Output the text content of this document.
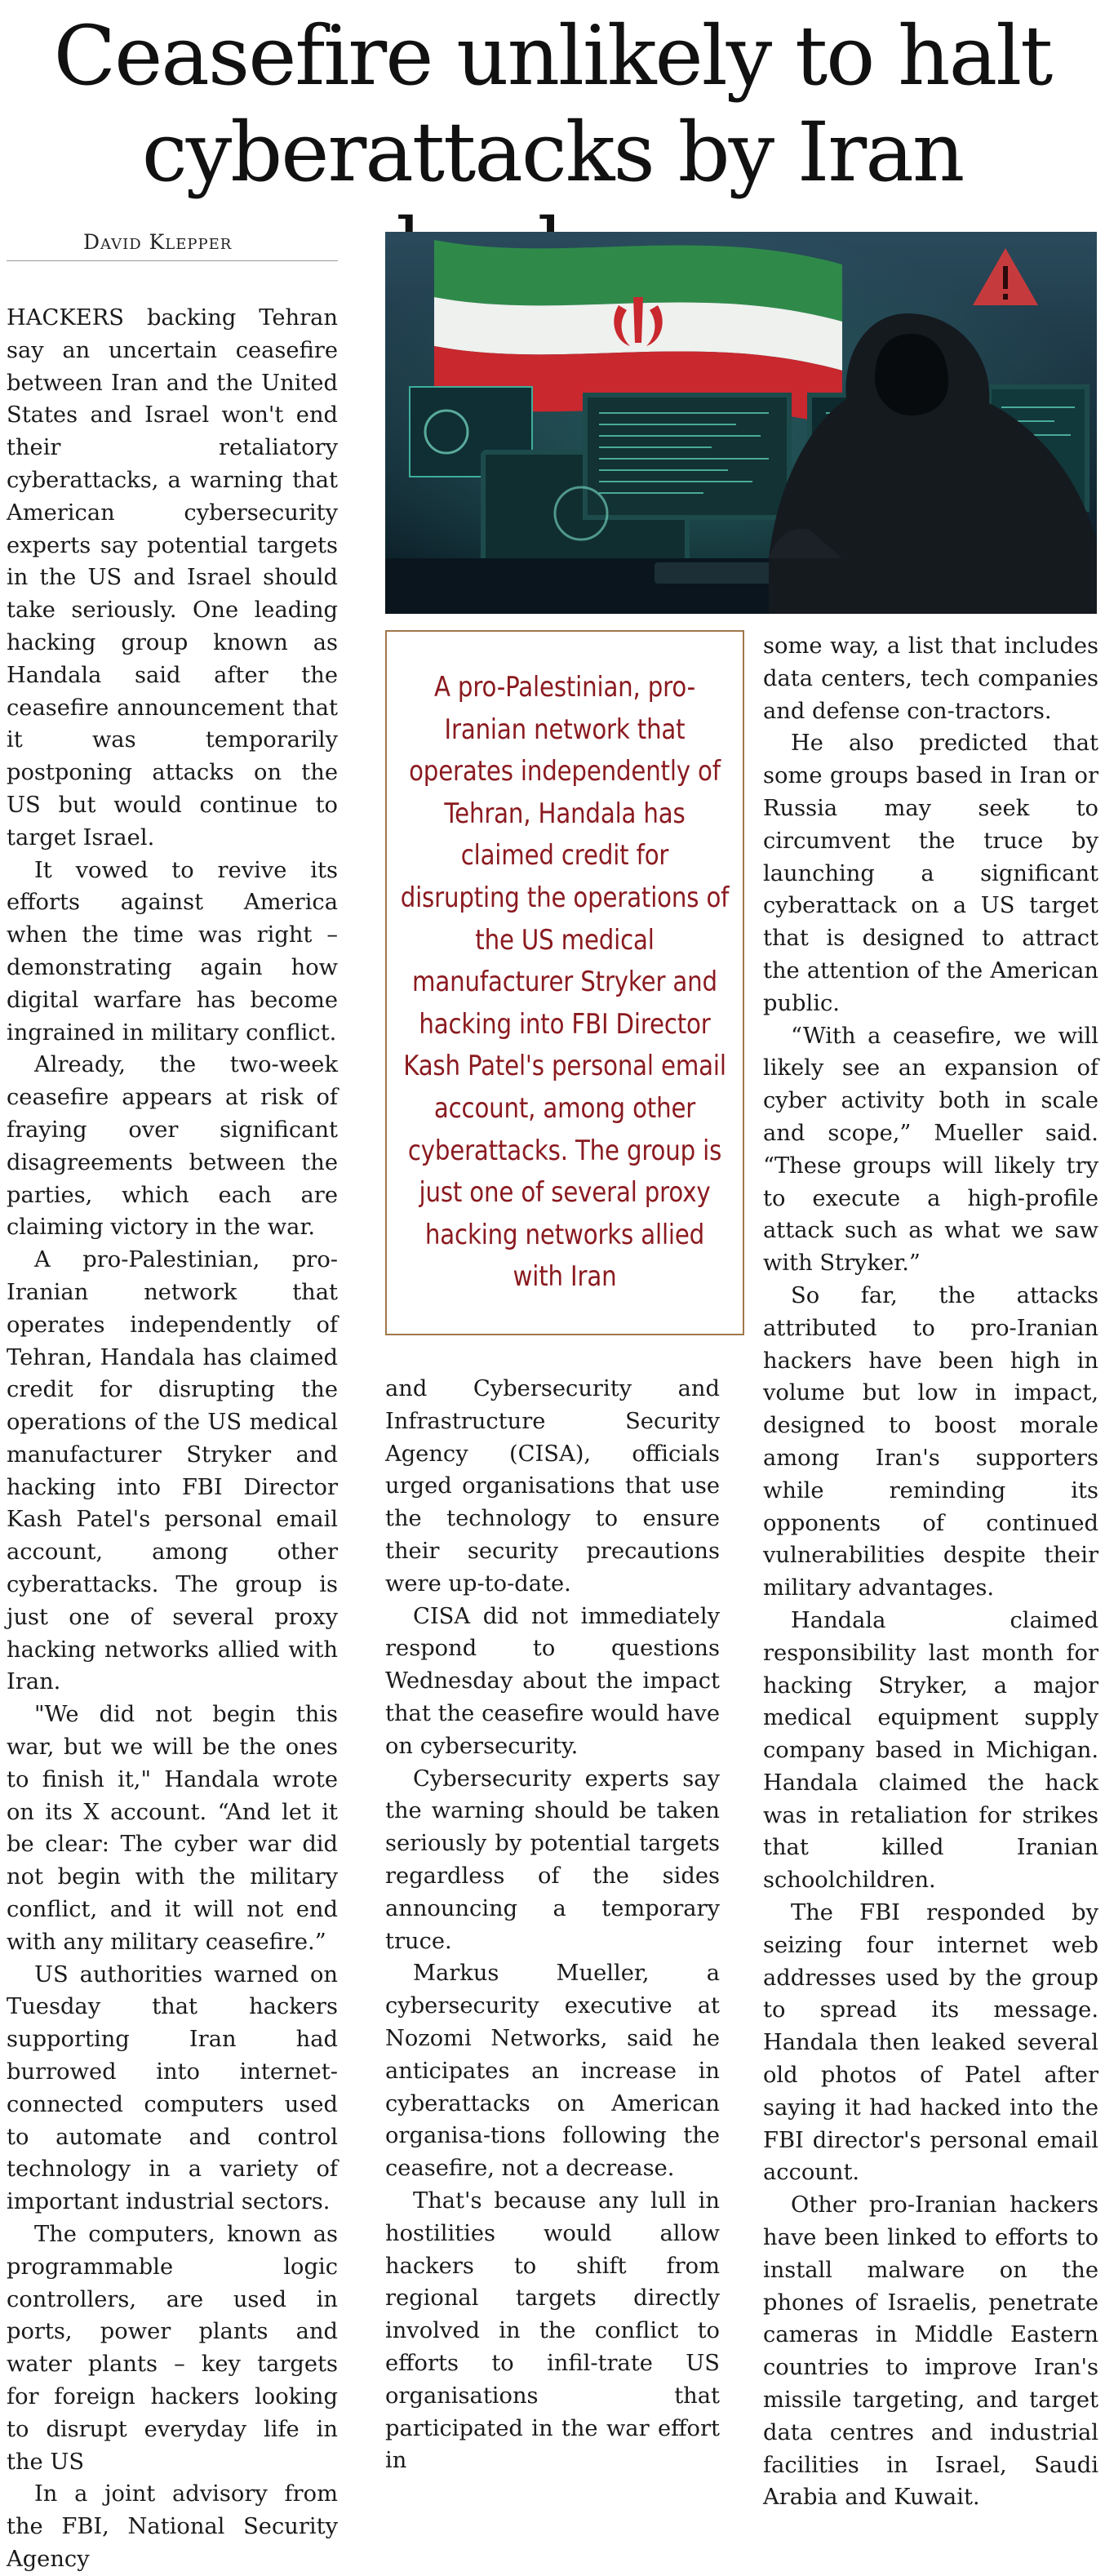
Ceasefire unlikely to halt
cyberattacks by Iran
David Klepper

HACKERS backing Tehran say an uncertain ceasefire between Iran and the United States and Israel won't end their retaliatory cyberattacks, a warning that American cybersecurity experts say potential targets in the US and Israel should take seriously. One leading hacking group known as Handala said after the ceasefire announcement that it was temporarily postponing attacks on the US but would continue to target Israel.

It vowed to revive its efforts against America when the time was right – demonstrating again how digital warfare has become ingrained in military conflict.

Already, the two-week ceasefire appears at risk of fraying over significant disagreements between the parties, which each are claiming victory in the war.

A pro-Palestinian, pro-Iranian network that operates independently of Tehran, Handala has claimed credit for disrupting the operations of the US medical manufacturer Stryker and hacking into FBI Director Kash Patel's personal email account, among other cyberattacks. The group is just one of several proxy hacking networks allied with Iran.

"We did not begin this war, but we will be the ones to finish it," Handala wrote on its X account. “And let it be clear: The cyber war did not begin with the military conflict, and it will not end with any military ceasefire.”

US authorities warned on Tuesday that hackers supporting Iran had burrowed into internet-connected computers used to automate and control technology in a variety of important industrial sectors.

The computers, known as programmable logic controllers, are used in ports, power plants and water plants – key targets for foreign hackers looking to disrupt everyday life in the US

In a joint advisory from the FBI, National Security Agency

A pro-Palestinian, pro-Iranian network that operates independently of Tehran, Handala has claimed credit for disrupting the operations of the US medical manufacturer Stryker and hacking into FBI Director Kash Patel's personal email account, among other cyberattacks. The group is just one of several proxy hacking networks allied with Iran

and Cybersecurity and Infrastructure Security Agency (CISA), officials urged organisations that use the technology to ensure their security precautions were up-to-date.

CISA did not immediately respond to questions Wednesday about the impact that the ceasefire would have on cybersecurity.

Cybersecurity experts say the warning should be taken seriously by potential targets regardless of the sides announcing a temporary truce.

Markus Mueller, a cybersecurity executive at Nozomi Networks, said he anticipates an increase in cyberattacks on American organisa-tions following the ceasefire, not a decrease.

That's because any lull in hostilities would allow hackers to shift from regional targets directly involved in the conflict to efforts to infil-trate US organisations that participated in the war effort in

some way, a list that includes data centers, tech companies and defense con-tractors.

He also predicted that some groups based in Iran or Russia may seek to circumvent the truce by launching a significant cyberattack on a US target that is designed to attract the attention of the American public.

“With a ceasefire, we will likely see an expansion of cyber activity both in scale and scope,” Mueller said. “These groups will likely try to execute a high-profile attack such as what we saw with Stryker.”

So far, the attacks attributed to pro-Iranian hackers have been high in volume but low in impact, designed to boost morale among Iran's supporters while reminding its opponents of continued vulnerabilities despite their military advantages.

Handala claimed responsibility last month for hacking Stryker, a major medical equipment supply company based in Michigan. Handala claimed the hack was in retaliation for strikes that killed Iranian schoolchildren.

The FBI responded by seizing four internet web addresses used by the group to spread its message. Handala then leaked several old photos of Patel after saying it had hacked into the FBI director's personal email account.

Other pro-Iranian hackers have been linked to efforts to install malware on the phones of Israelis, penetrate cameras in Middle Eastern countries to improve Iran's missile targeting, and target data centres and industrial facilities in Israel, Saudi Arabia and Kuwait.
